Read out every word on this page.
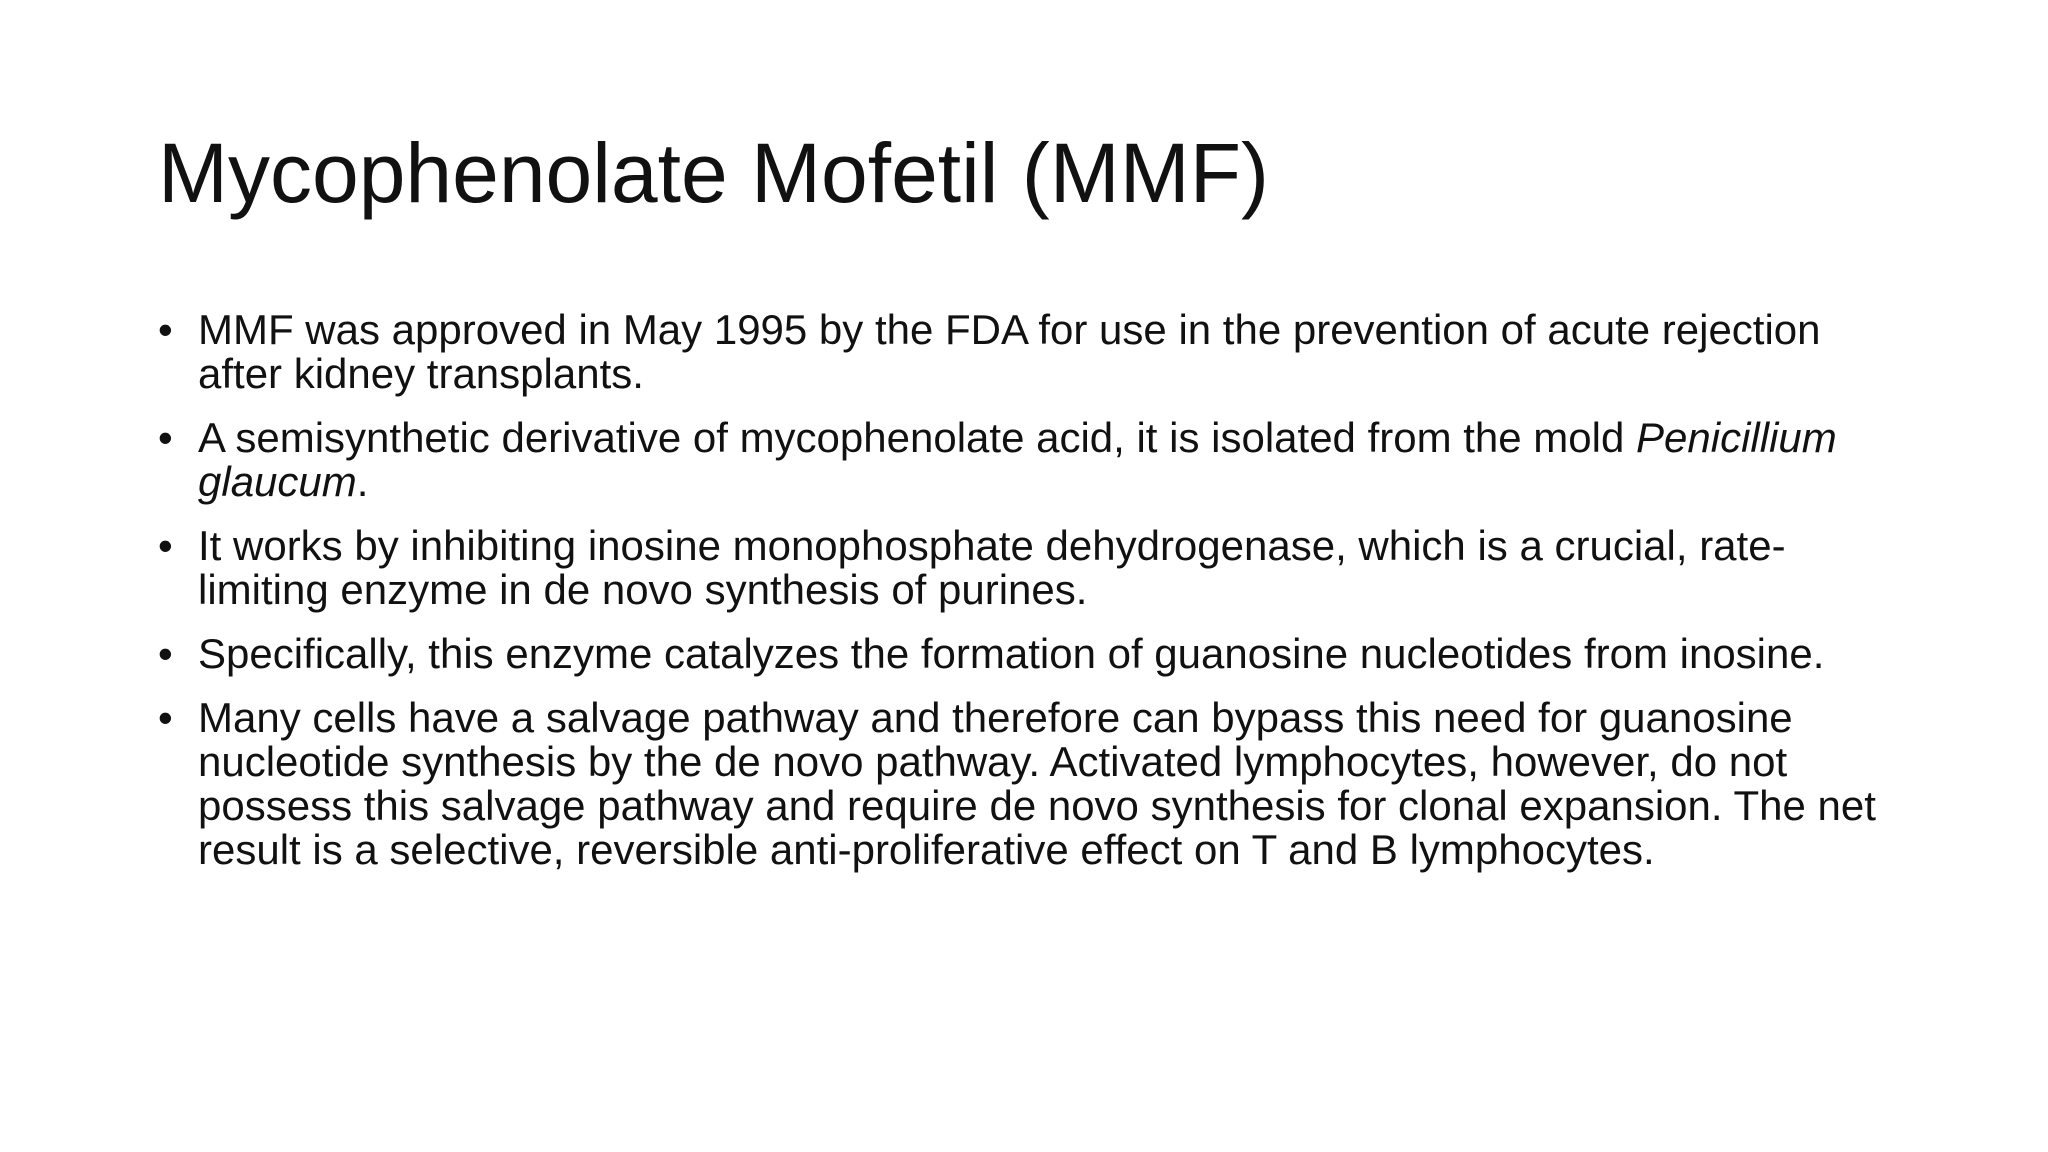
Mycophenolate Mofetil (MMF)
• MMF was approved in May 1995 by the FDA for use in the prevention of acute rejection after kidney transplants.
• A semisynthetic derivative of mycophenolate acid, it is isolated from the mold Penicillium glaucum.
• It works by inhibiting inosine monophosphate dehydrogenase, which is a crucial, rate-limiting enzyme in de novo synthesis of purines.
• Specifically, this enzyme catalyzes the formation of guanosine nucleotides from inosine.
• Many cells have a salvage pathway and therefore can bypass this need for guanosine nucleotide synthesis by the de novo pathway. Activated lymphocytes, however, do not possess this salvage pathway and require de novo synthesis for clonal expansion. The net result is a selective, reversible anti-proliferative effect on T and B lymphocytes.
